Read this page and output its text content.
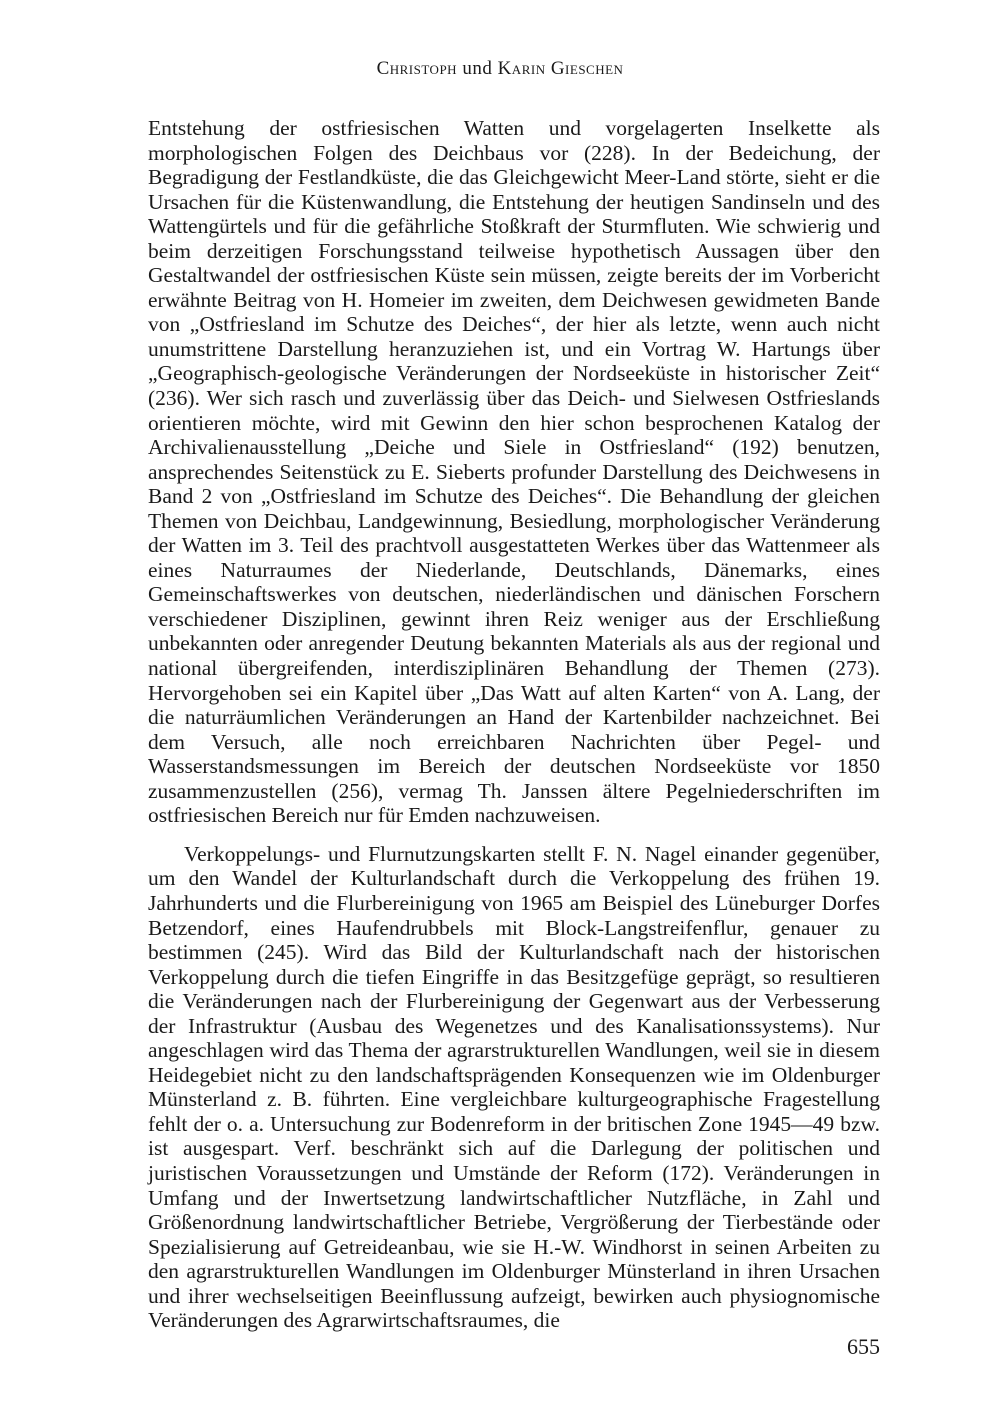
Christoph und Karin Gieschen

Entstehung der ostfriesischen Watten und vorgelagerten Inselkette als morphologischen Folgen des Deichbaus vor (228). In der Bedeichung, der Begradigung der Festlandküste, die das Gleichgewicht Meer-Land störte, sieht er die Ursachen für die Küstenwandlung, die Entstehung der heutigen Sandinseln und des Wattengürtels und für die gefährliche Stoßkraft der Sturmfluten. Wie schwierig und beim derzeitigen Forschungsstand teilweise hypothetisch Aussagen über den Gestaltwandel der ostfriesischen Küste sein müssen, zeigte bereits der im Vorbericht erwähnte Beitrag von H. Homeier im zweiten, dem Deichwesen gewidmeten Bande von „Ostfriesland im Schutze des Deiches“, der hier als letzte, wenn auch nicht unumstrittene Darstellung heranzuziehen ist, und ein Vortrag W. Hartungs über „Geographisch-geologische Veränderungen der Nordseeküste in historischer Zeit“ (236). Wer sich rasch und zuverlässig über das Deich- und Sielwesen Ostfrieslands orientieren möchte, wird mit Gewinn den hier schon besprochenen Katalog der Archivalienausstellung „Deiche und Siele in Ostfriesland“ (192) benutzen, ansprechendes Seitenstück zu E. Sieberts profunder Darstellung des Deichwesens in Band 2 von „Ostfriesland im Schutze des Deiches“. Die Behandlung der gleichen Themen von Deichbau, Landgewinnung, Besiedlung, morphologischer Veränderung der Watten im 3. Teil des prachtvoll ausgestatteten Werkes über das Wattenmeer als eines Naturraumes der Niederlande, Deutschlands, Dänemarks, eines Gemeinschaftswerkes von deutschen, niederländischen und dänischen Forschern verschiedener Disziplinen, gewinnt ihren Reiz weniger aus der Erschließung unbekannten oder anregender Deutung bekannten Materials als aus der regional und national übergreifenden, interdisziplinären Behandlung der Themen (273). Hervorgehoben sei ein Kapitel über „Das Watt auf alten Karten“ von A. Lang, der die naturräumlichen Veränderungen an Hand der Kartenbilder nachzeichnet. Bei dem Versuch, alle noch erreichbaren Nachrichten über Pegel- und Wasserstandsmessungen im Bereich der deutschen Nordseeküste vor 1850 zusammenzustellen (256), vermag Th. Janssen ältere Pegelniederschriften im ostfriesischen Bereich nur für Emden nachzuweisen.

Verkoppelungs- und Flurnutzungskarten stellt F. N. Nagel einander gegenüber, um den Wandel der Kulturlandschaft durch die Verkoppelung des frühen 19. Jahrhunderts und die Flurbereinigung von 1965 am Beispiel des Lüneburger Dorfes Betzendorf, eines Haufendrubbels mit Block-Langstreifenflur, genauer zu bestimmen (245). Wird das Bild der Kulturlandschaft nach der historischen Verkoppelung durch die tiefen Eingriffe in das Besitzgefüge geprägt, so resultieren die Veränderungen nach der Flurbereinigung der Gegenwart aus der Verbesserung der Infrastruktur (Ausbau des Wegenetzes und des Kanalisationssystems). Nur angeschlagen wird das Thema der agrarstrukturellen Wandlungen, weil sie in diesem Heidegebiet nicht zu den landschaftsprägenden Konsequenzen wie im Oldenburger Münsterland z. B. führten. Eine vergleichbare kulturgeographische Fragestellung fehlt der o. a. Untersuchung zur Bodenreform in der britischen Zone 1945—49 bzw. ist ausgespart. Verf. beschränkt sich auf die Darlegung der politischen und juristischen Voraussetzungen und Umstände der Reform (172). Veränderungen in Umfang und der Inwertsetzung landwirtschaftlicher Nutzfläche, in Zahl und Größenordnung landwirtschaftlicher Betriebe, Vergrößerung der Tierbestände oder Spezialisierung auf Getreideanbau, wie sie H.-W. Windhorst in seinen Arbeiten zu den agrarstrukturellen Wandlungen im Oldenburger Münsterland in ihren Ursachen und ihrer wechselseitigen Beeinflussung aufzeigt, bewirken auch physiognomische Veränderungen des Agrarwirtschaftsraumes, die

655
